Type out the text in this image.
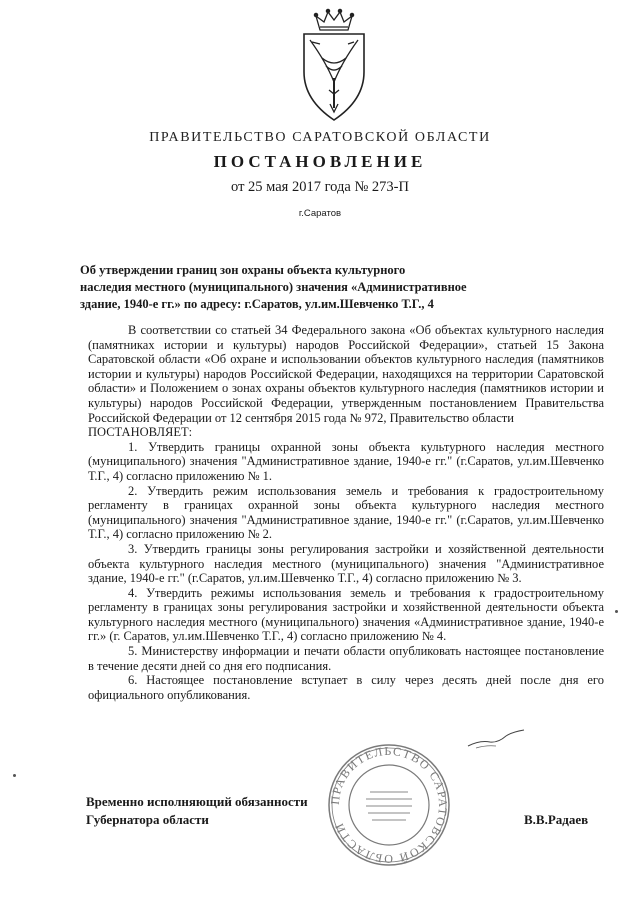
ПРАВИТЕЛЬСТВО САРАТОВСКОЙ ОБЛАСТИ
ПОСТАНОВЛЕНИЕ
от 25 мая 2017 года № 273-П
г.Саратов
Об утверждении границ зон охраны объекта культурного
наследия местного (муниципального) значения «Административное
здание, 1940-е гг.» по адресу: г.Саратов, ул.им.Шевченко Т.Г., 4

В соответствии со статьей 34 Федерального закона «Об объектах культурного наследия (памятниках истории и культуры) народов Российской Федерации», статьей 15 Закона Саратовской области «Об охране и использовании объектов культурного наследия (памятников истории и культуры) народов Российской Федерации, находящихся на территории Саратовской области» и Положением о зонах охраны объектов культурного наследия (памятников истории и культуры) народов Российской Федерации, утвержденным постановлением Правительства Российской Федерации от 12 сентября 2015 года № 972, Правительство области

ПОСТАНОВЛЯЕТ:

1. Утвердить границы охранной зоны объекта культурного наследия местного (муниципального) значения "Административное здание, 1940-е гг." (г.Саратов, ул.им.Шевченко Т.Г., 4) согласно приложению № 1.

2. Утвердить режим использования земель и требования к градостроительному регламенту в границах охранной зоны объекта культурного наследия местного (муниципального) значения "Административное здание, 1940-е гг." (г.Саратов, ул.им.Шевченко Т.Г., 4) согласно приложению № 2.

3. Утвердить границы зоны регулирования застройки и хозяйственной деятельности объекта культурного наследия местного (муниципального) значения "Административное здание, 1940-е гг." (г.Саратов, ул.им.Шевченко Т.Г., 4) согласно приложению № 3.

4. Утвердить режимы использования земель и требования к градостроительному регламенту в границах зоны регулирования застройки и хозяйственной деятельности объекта культурного наследия местного (муниципального) значения «Административное здание, 1940-е гг.» (г. Саратов, ул.им.Шевченко Т.Г., 4) согласно приложению № 4.

5. Министерству информации и печати области опубликовать настоящее постановление в течение десяти дней со дня его подписания.

6. Настоящее постановление вступает в силу через десять дней после дня его официального опубликования.

ПРАВИТЕЛЬСТВО САРАТОВСКОЙ ОБЛАСТИ
Временно исполняющий обязанности
Губернатора области	В.В.Радаев
